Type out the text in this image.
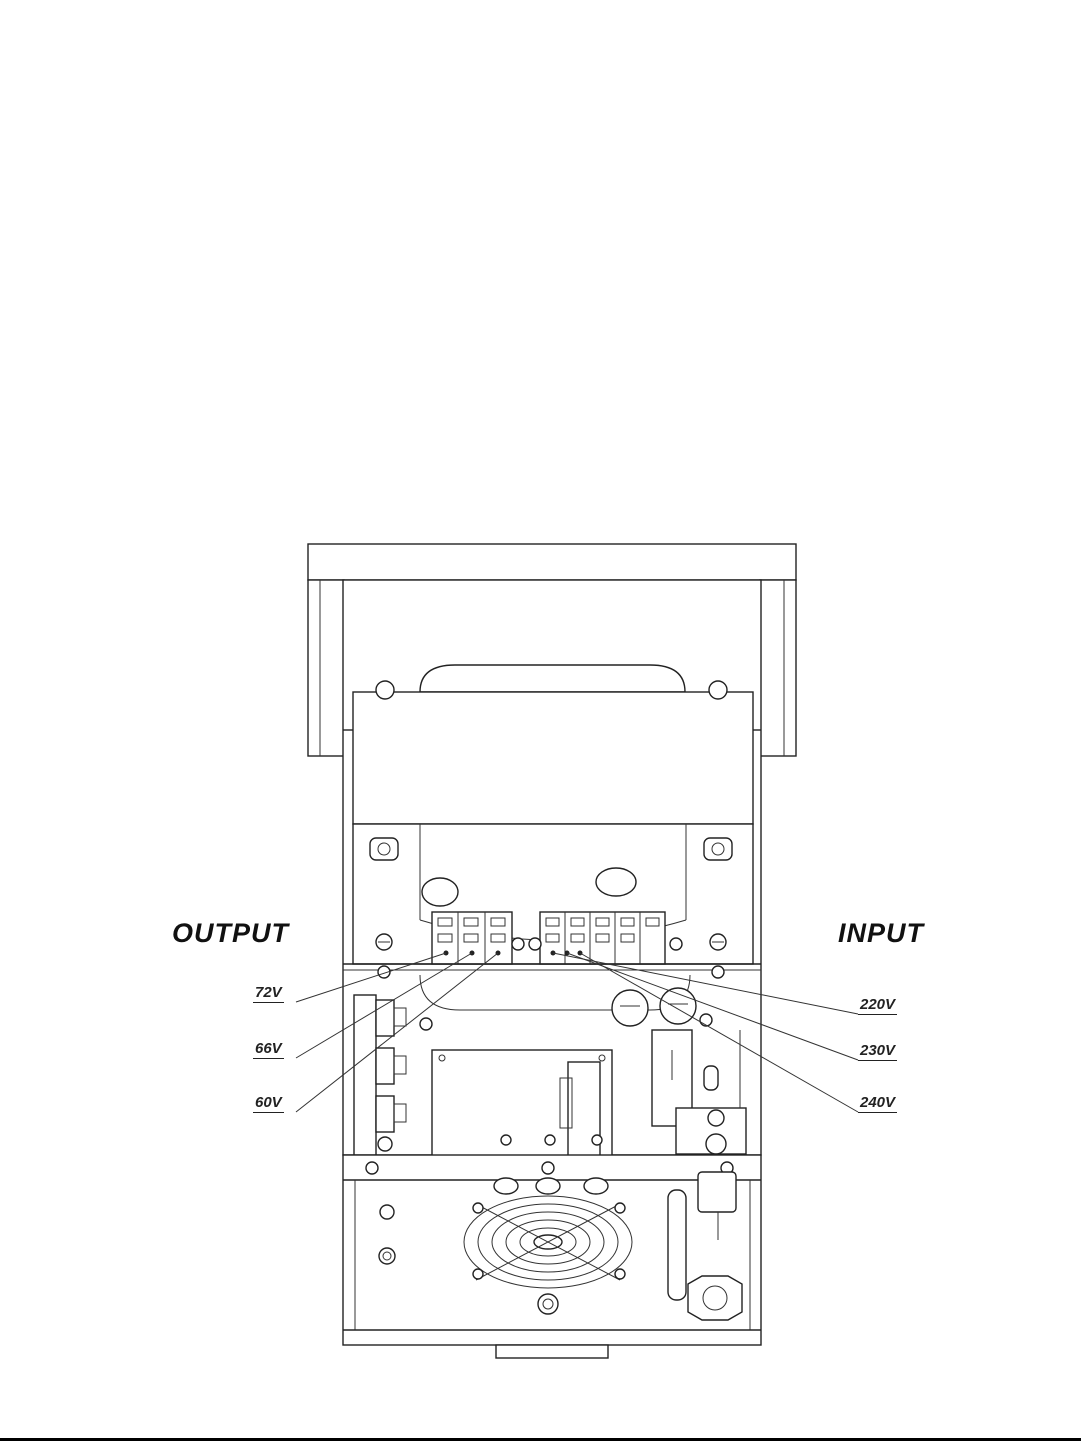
OUTPUT	INPUT
72V
66V
60V
220V
230V
240V
